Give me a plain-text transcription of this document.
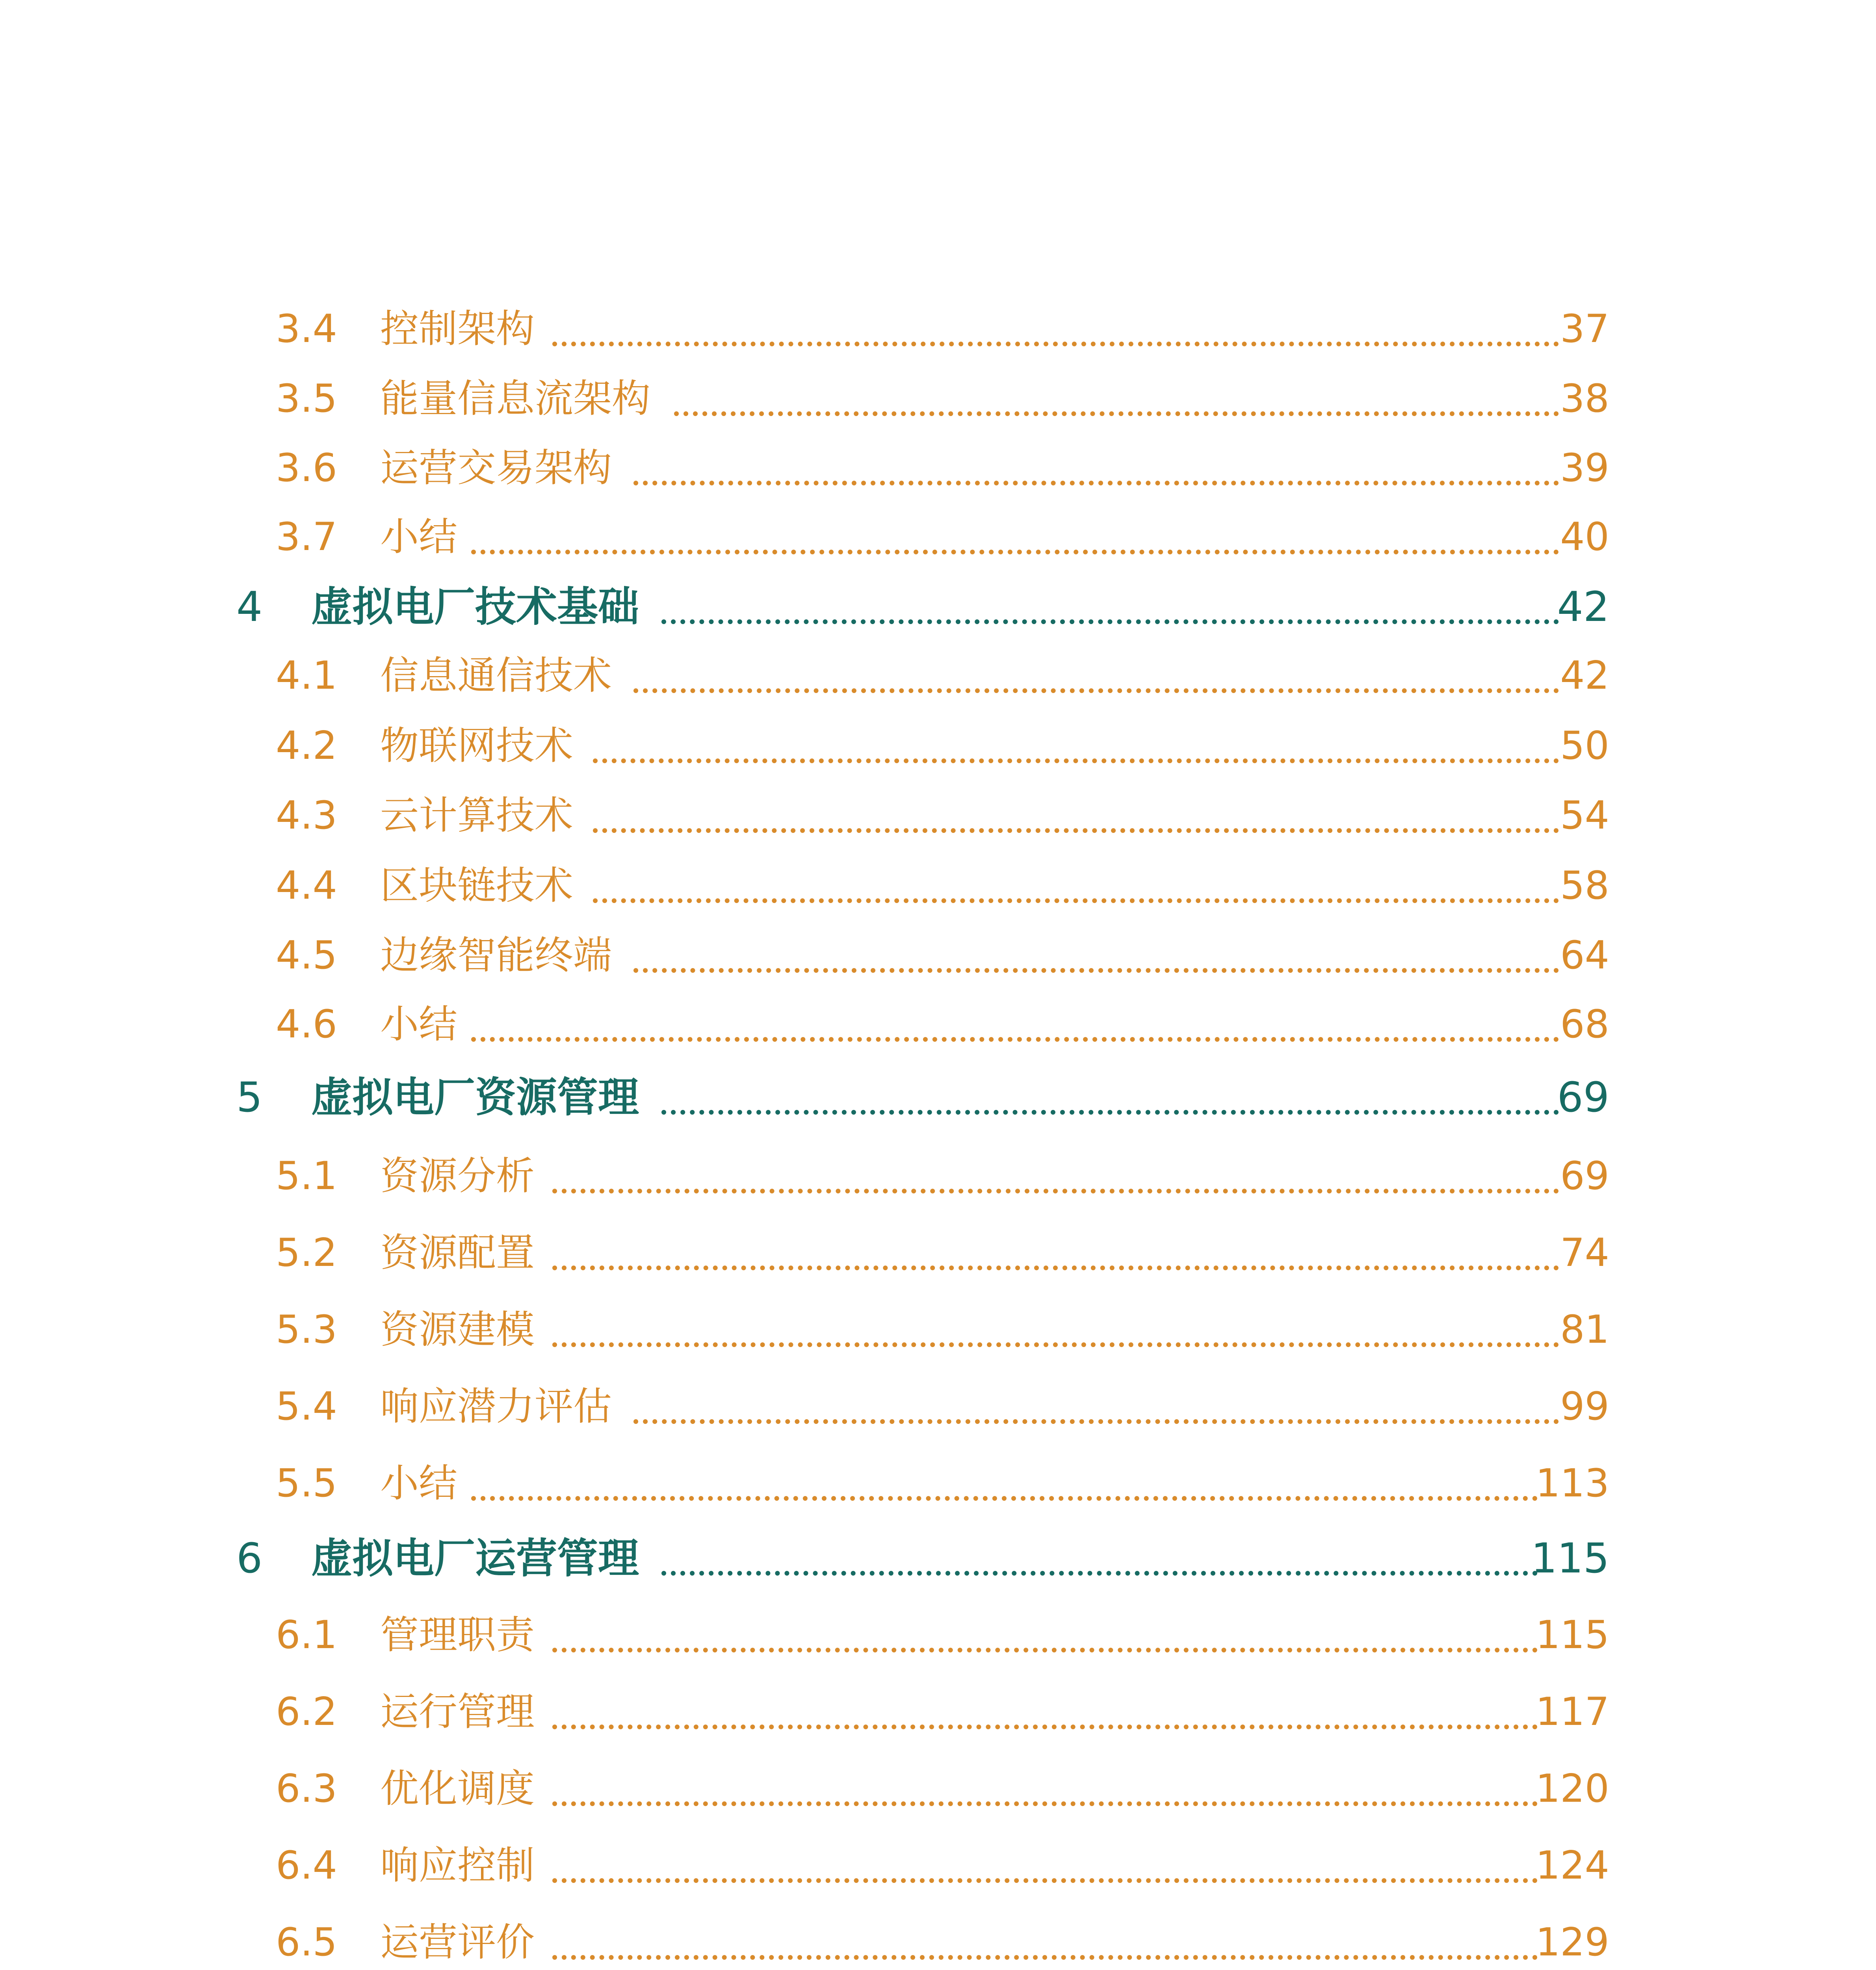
3.4 控制架构	37
3.5 能量信息流架构	38
3.6 运营交易架构	39
3.7 小结	40
4 虚拟电厂技术基础	42
4.1 信息通信技术	42
4.2 物联网技术	50
4.3 云计算技术	54
4.4 区块链技术	58
4.5 边缘智能终端	64
4.6 小结	68
5 虚拟电厂资源管理	69
5.1 资源分析	69
5.2 资源配置	74
5.3 资源建模	81
5.4 响应潜力评估	99
5.5 小结	113
6 虚拟电厂运营管理	115
6.1 管理职责	115
6.2 运行管理	117
6.3 优化调度	120
6.4 响应控制	124
6.5 运营评价	129
